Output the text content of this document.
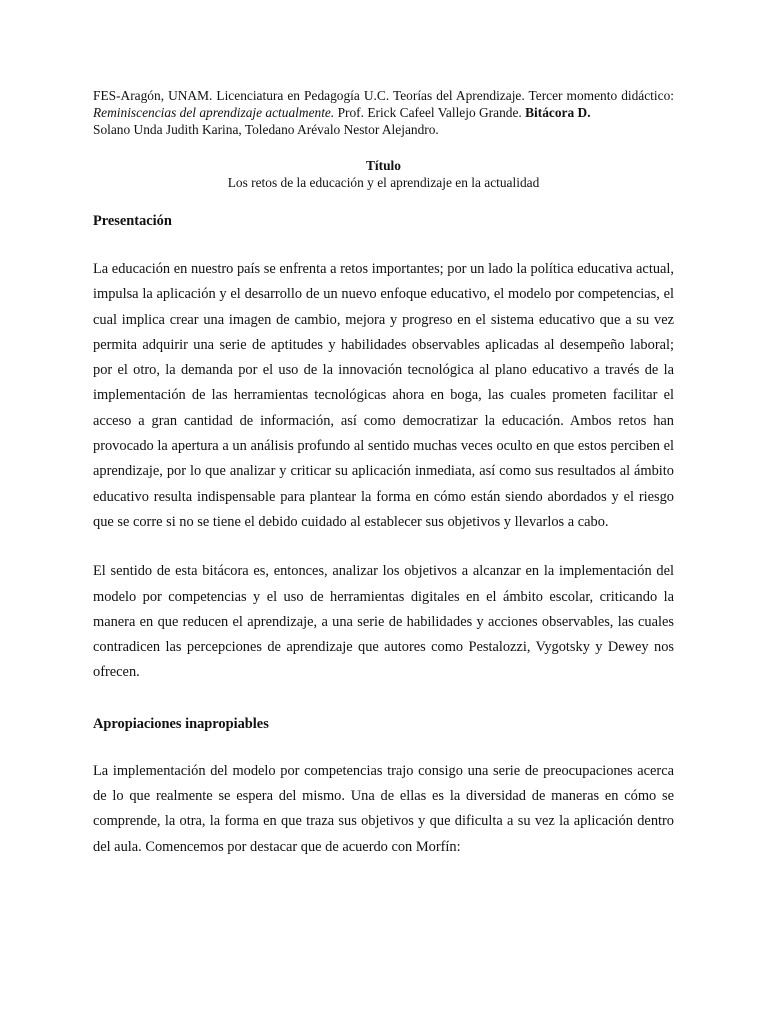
FES-Aragón, UNAM. Licenciatura en Pedagogía U.C. Teorías del Aprendizaje. Tercer momento didáctico: Reminiscencias del aprendizaje actualmente. Prof. Erick Cafeel Vallejo Grande. Bitácora D.

Solano Unda Judith Karina, Toledano Arévalo Nestor Alejandro.

Título

Los retos de la educación y el aprendizaje en la actualidad

Presentación

La educación en nuestro país se enfrenta a retos importantes; por un lado la política educativa actual, impulsa la aplicación y el desarrollo de un nuevo enfoque educativo, el modelo por competencias, el cual implica crear una imagen de cambio, mejora y progreso en el sistema educativo que a su vez permita adquirir una serie de aptitudes y habilidades observables aplicadas al desempeño laboral; por el otro, la demanda por el uso de la innovación tecnológica al plano educativo a través de la implementación de las herramientas tecnológicas ahora en boga, las cuales prometen facilitar el acceso a gran cantidad de información, así como democratizar la educación. Ambos retos han provocado la apertura a un análisis profundo al sentido muchas veces oculto en que estos perciben el aprendizaje, por lo que analizar y criticar su aplicación inmediata, así como sus resultados al ámbito educativo resulta indispensable para plantear la forma en cómo están siendo abordados y el riesgo que se corre si no se tiene el debido cuidado al establecer sus objetivos y llevarlos a cabo.

El sentido de esta bitácora es, entonces, analizar los objetivos a alcanzar en la implementación del modelo por competencias y el uso de herramientas digitales en el ámbito escolar, criticando la manera en que reducen el aprendizaje, a una serie de habilidades y acciones observables, las cuales contradicen las percepciones de aprendizaje que autores como Pestalozzi, Vygotsky y Dewey nos ofrecen.

Apropiaciones inapropiables

La implementación del modelo por competencias trajo consigo una serie de preocupaciones acerca de lo que realmente se espera del mismo. Una de ellas es la diversidad de maneras en cómo se comprende, la otra, la forma en que traza sus objetivos y que dificulta a su vez la aplicación dentro del aula. Comencemos por destacar que de acuerdo con Morfín:
